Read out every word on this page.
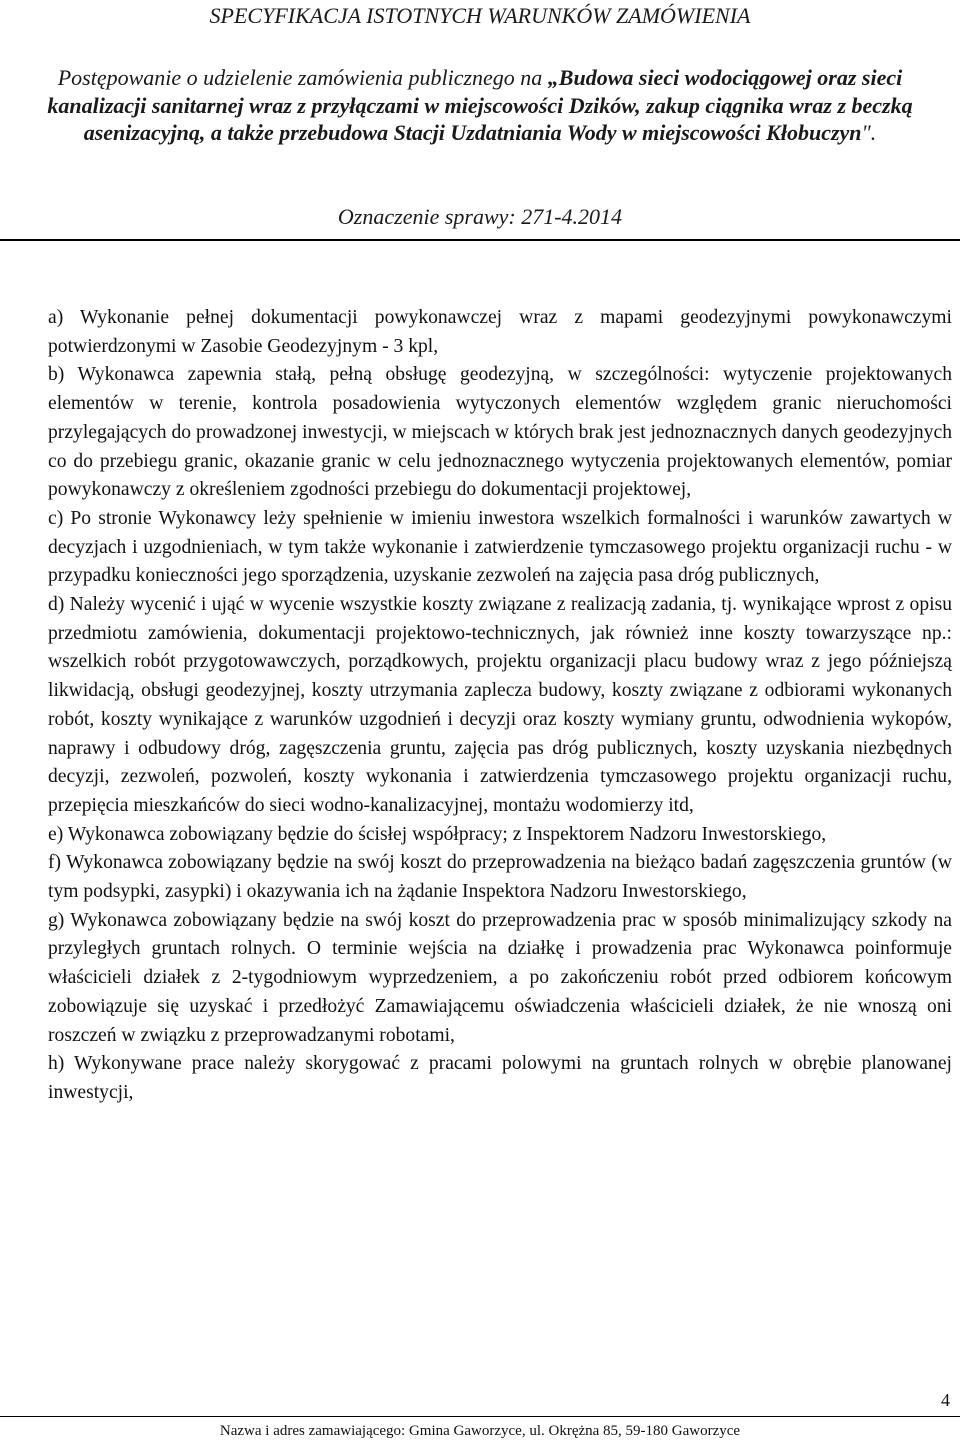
SPECYFIKACJA ISTOTNYCH WARUNKÓW ZAMÓWIENIA
Postępowanie o udzielenie zamówienia publicznego na „Budowa sieci wodociągowej oraz sieci kanalizacji sanitarnej wraz z przyłączami w miejscowości Dzików, zakup ciągnika wraz z beczką asenizacyjną, a także przebudowa Stacji Uzdatniania Wody w miejscowości Kłobuczyn".
Oznaczenie sprawy: 271-4.2014

a) Wykonanie pełnej dokumentacji powykonawczej wraz z mapami geodezyjnymi powykonawczymi potwierdzonymi w Zasobie Geodezyjnym - 3 kpl,

b) Wykonawca zapewnia stałą, pełną obsługę geodezyjną, w szczególności: wytyczenie projektowanych elementów w terenie, kontrola posadowienia wytyczonych elementów względem granic nieruchomości przylegających do prowadzonej inwestycji, w miejscach w których brak jest jednoznacznych danych geodezyjnych co do przebiegu granic, okazanie granic w celu jednoznacznego wytyczenia projektowanych elementów, pomiar powykonawczy z określeniem zgodności przebiegu do dokumentacji projektowej,

c) Po stronie Wykonawcy leży spełnienie w imieniu inwestora wszelkich formalności i warunków zawartych w decyzjach i uzgodnieniach, w tym także wykonanie i zatwierdzenie tymczasowego projektu organizacji ruchu - w przypadku konieczności jego sporządzenia, uzyskanie zezwoleń na zajęcia pasa dróg publicznych,

d) Należy wycenić i ująć w wycenie wszystkie koszty związane z realizacją zadania, tj. wynikające wprost z opisu przedmiotu zamówienia, dokumentacji projektowo-technicznych, jak również inne koszty towarzyszące np.: wszelkich robót przygotowawczych, porządkowych, projektu organizacji placu budowy wraz z jego późniejszą likwidacją, obsługi geodezyjnej, koszty utrzymania zaplecza budowy, koszty związane z odbiorami wykonanych robót, koszty wynikające z warunków uzgodnień i decyzji oraz koszty wymiany gruntu, odwodnienia wykopów, naprawy i odbudowy dróg, zagęszczenia gruntu, zajęcia pas dróg publicznych, koszty uzyskania niezbędnych decyzji, zezwoleń, pozwoleń, koszty wykonania i zatwierdzenia tymczasowego projektu organizacji ruchu, przepięcia mieszkańców do sieci wodno-kanalizacyjnej, montażu wodomierzy itd,

e) Wykonawca zobowiązany będzie do ścisłej współpracy; z Inspektorem Nadzoru Inwestorskiego,

f) Wykonawca zobowiązany będzie na swój koszt do przeprowadzenia na bieżąco badań zagęszczenia gruntów (w tym podsypki, zasypki) i okazywania ich na żądanie Inspektora Nadzoru Inwestorskiego,

g) Wykonawca zobowiązany będzie na swój koszt do przeprowadzenia prac w sposób minimalizujący szkody na przyległych gruntach rolnych. O terminie wejścia na działkę i prowadzenia prac Wykonawca poinformuje właścicieli działek z 2-tygodniowym wyprzedzeniem, a po zakończeniu robót przed odbiorem końcowym zobowiązuje się uzyskać i przedłożyć Zamawiającemu oświadczenia właścicieli działek, że nie wnoszą oni roszczeń w związku z przeprowadzanymi robotami,

h) Wykonywane prace należy skorygować z pracami polowymi na gruntach rolnych w obrębie planowanej inwestycji,

4
Nazwa i adres zamawiającego: Gmina Gaworzyce, ul. Okrężna 85, 59-180 Gaworzyce
